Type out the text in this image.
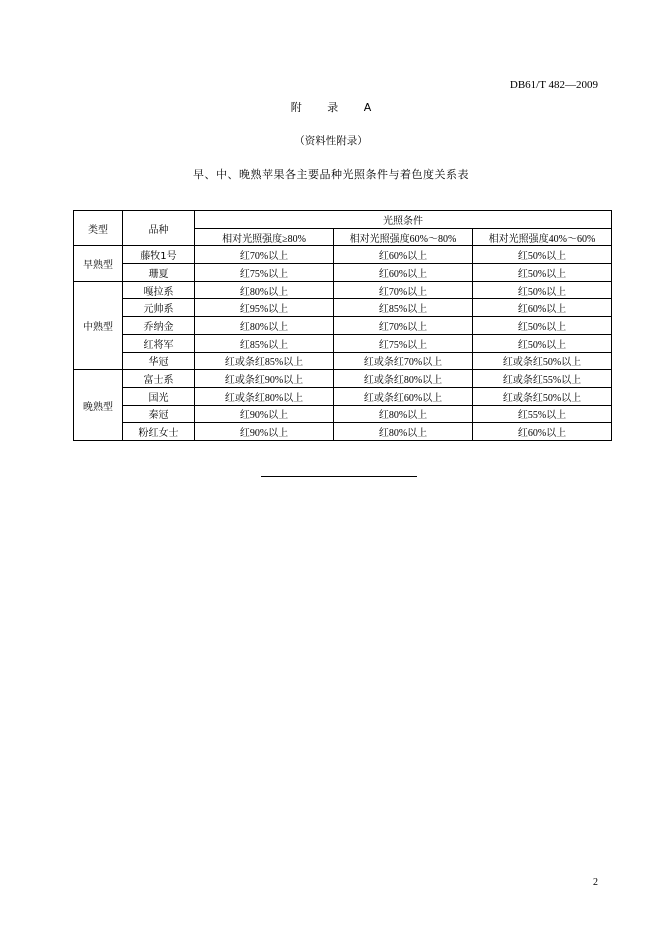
DB61/T 482—2009
附 录 A
（资料性附录）
早、中、晚熟苹果各主要品种光照条件与着色度关系表
类型	品种	光照条件		
		相对光照强度≥80%	相对光照强度60%～80%	相对光照强度40%～60%
早熟型	藤牧1号	红70%以上	红60%以上	红50%以上
	珊夏	红75%以上	红60%以上	红50%以上
中熟型	嘎拉系	红80%以上	红70%以上	红50%以上
	元帅系	红95%以上	红85%以上	红60%以上
	乔纳金	红80%以上	红70%以上	红50%以上
	红将军	红85%以上	红75%以上	红50%以上
	华冠	红或条红85%以上	红或条红70%以上	红或条红50%以上
晚熟型	富士系	红或条红90%以上	红或条红80%以上	红或条红55%以上
	国光	红或条红80%以上	红或条红60%以上	红或条红50%以上
	秦冠	红90%以上	红80%以上	红55%以上
	粉红女士	红90%以上	红80%以上	红60%以上
2
